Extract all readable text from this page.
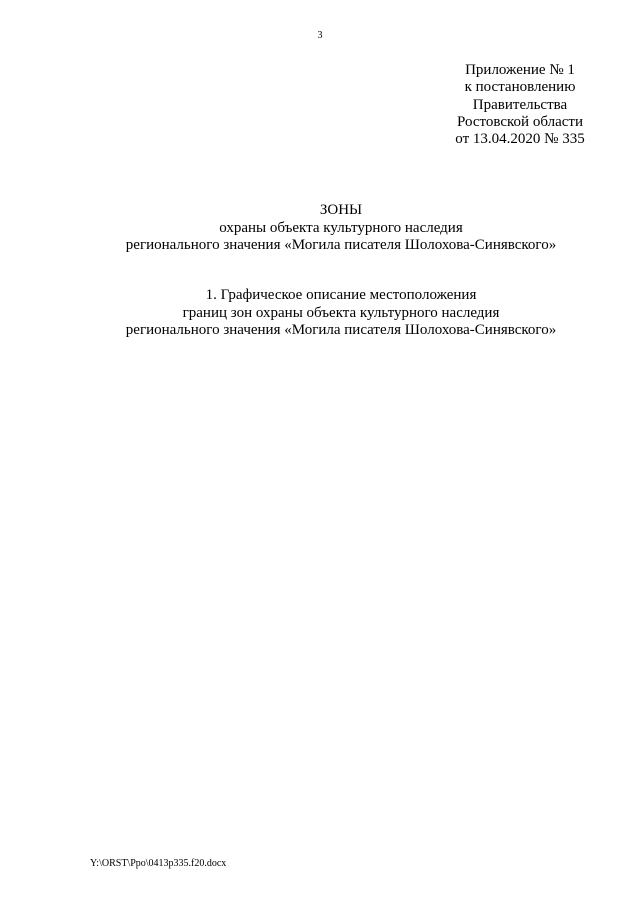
3
Приложение № 1
к постановлению
Правительства
Ростовской области
от 13.04.2020 № 335
ЗОНЫ
охраны объекта культурного наследия
регионального значения «Могила писателя Шолохова-Синявского»
1. Графическое описание местоположения
границ зон охраны объекта культурного наследия
регионального значения «Могила писателя Шолохова-Синявского»
Y:\ORST\Ppo\0413p335.f20.docx
